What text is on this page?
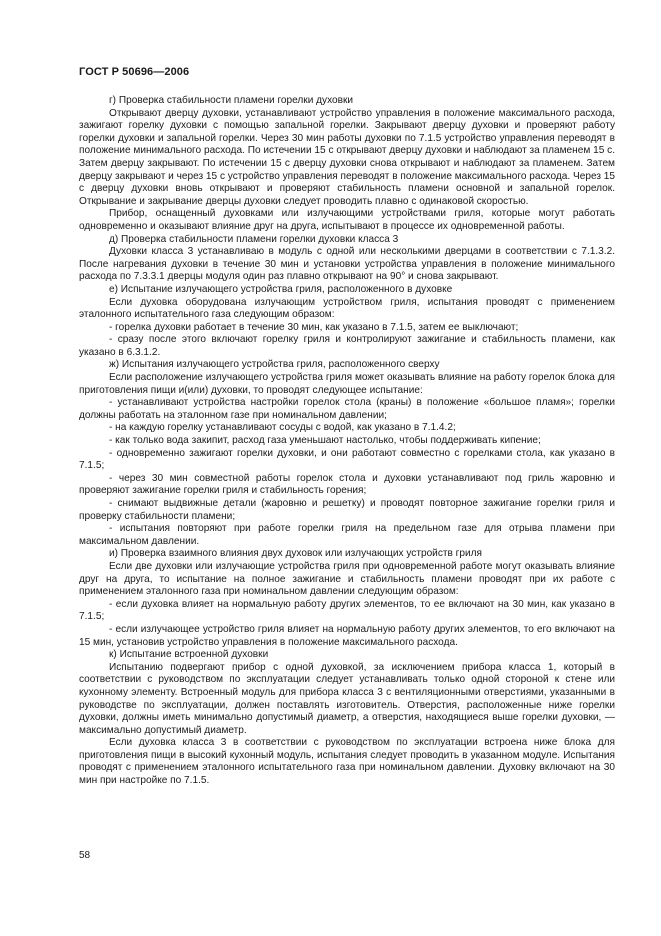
ГОСТ Р 50696—2006

г) Проверка стабильности пламени горелки духовки

Открывают дверцу духовки, устанавливают устройство управления в положение максимального расхода, зажигают горелку духовки с помощью запальной горелки. Закрывают дверцу духовки и проверяют работу горелки духовки и запальной горелки. Через 30 мин работы духовки по 7.1.5 устройство управления переводят в положение минимального расхода. По истечении 15 с открывают дверцу духовки и наблюдают за пламенем 15 с. Затем дверцу закрывают. По истечении 15 с дверцу духовки снова открывают и наблюдают за пламенем. Затем дверцу закрывают и через 15 с устройство управления переводят в положение максимального расхода. Через 15 с дверцу духовки вновь открывают и проверяют стабильность пламени основной и запальной горелок. Открывание и закрывание дверцы духовки следует проводить плавно с одинаковой скоростью.

Прибор, оснащенный духовками или излучающими устройствами гриля, которые могут работать одновременно и оказывают влияние друг на друга, испытывают в процессе их одновременной работы.

д) Проверка стабильности пламени горелки духовки класса 3

Духовки класса 3 устанавливаю в модуль с одной или несколькими дверцами в соответствии с 7.1.3.2. После нагревания духовки в течение 30 мин и установки устройства управления в положение минимального расхода по 7.3.3.1 дверцы модуля один раз плавно открывают на 90° и снова закрывают.

е) Испытание излучающего устройства гриля, расположенного в духовке

Если духовка оборудована излучающим устройством гриля, испытания проводят с применением эталонного испытательного газа следующим образом:

- горелка духовки работает в течение 30 мин, как указано в 7.1.5, затем ее выключают;

- сразу после этого включают горелку гриля и контролируют зажигание и стабильность пламени, как указано в 6.3.1.2.

ж) Испытания излучающего устройства гриля, расположенного сверху

Если расположение излучающего устройства гриля может оказывать влияние на работу горелок блока для приготовления пищи и(или) духовки, то проводят следующее испытание:

- устанавливают устройства настройки горелок стола (краны) в положение «большое пламя»; горелки должны работать на эталонном газе при номинальном давлении;

- на каждую горелку устанавливают сосуды с водой, как указано в 7.1.4.2;

- как только вода закипит, расход газа уменьшают настолько, чтобы поддерживать кипение;

- одновременно зажигают горелки духовки, и они работают совместно с горелками стола, как указано в 7.1.5;

- через 30 мин совместной работы горелок стола и духовки устанавливают под гриль жаровню и проверяют зажигание горелки гриля и стабильность горения;

- снимают выдвижные детали (жаровню и решетку) и проводят повторное зажигание горелки гриля и проверку стабильности пламени;

- испытания повторяют при работе горелки гриля на предельном газе для отрыва пламени при максимальном давлении.

и) Проверка взаимного влияния двух духовок или излучающих устройств гриля

Если две духовки или излучающие устройства гриля при одновременной работе могут оказывать влияние друг на друга, то испытание на полное зажигание и стабильность пламени проводят при их работе с применением эталонного газа при номинальном давлении следующим образом:

- если духовка влияет на нормальную работу других элементов, то ее включают на 30 мин, как указано в 7.1.5;

- если излучающее устройство гриля влияет на нормальную работу других элементов, то его включают на 15 мин, установив устройство управления в положение максимального расхода.

к) Испытание встроенной духовки

Испытанию подвергают прибор с одной духовкой, за исключением прибора класса 1, который в соответствии с руководством по эксплуатации следует устанавливать только одной стороной к стене или кухонному элементу. Встроенный модуль для прибора класса 3 с вентиляционными отверстиями, указанными в руководстве по эксплуатации, должен поставлять изготовитель. Отверстия, расположенные ниже горелки духовки, должны иметь минимально допустимый диаметр, а отверстия, находящиеся выше горелки духовки, — максимально допустимый диаметр.

Если духовка класса 3 в соответствии с руководством по эксплуатации встроена ниже блока для приготовления пищи в высокий кухонный модуль, испытания следует проводить в указанном модуле. Испытания проводят с применением эталонного испытательного газа при номинальном давлении. Духовку включают на 30 мин при настройке по 7.1.5.

58
